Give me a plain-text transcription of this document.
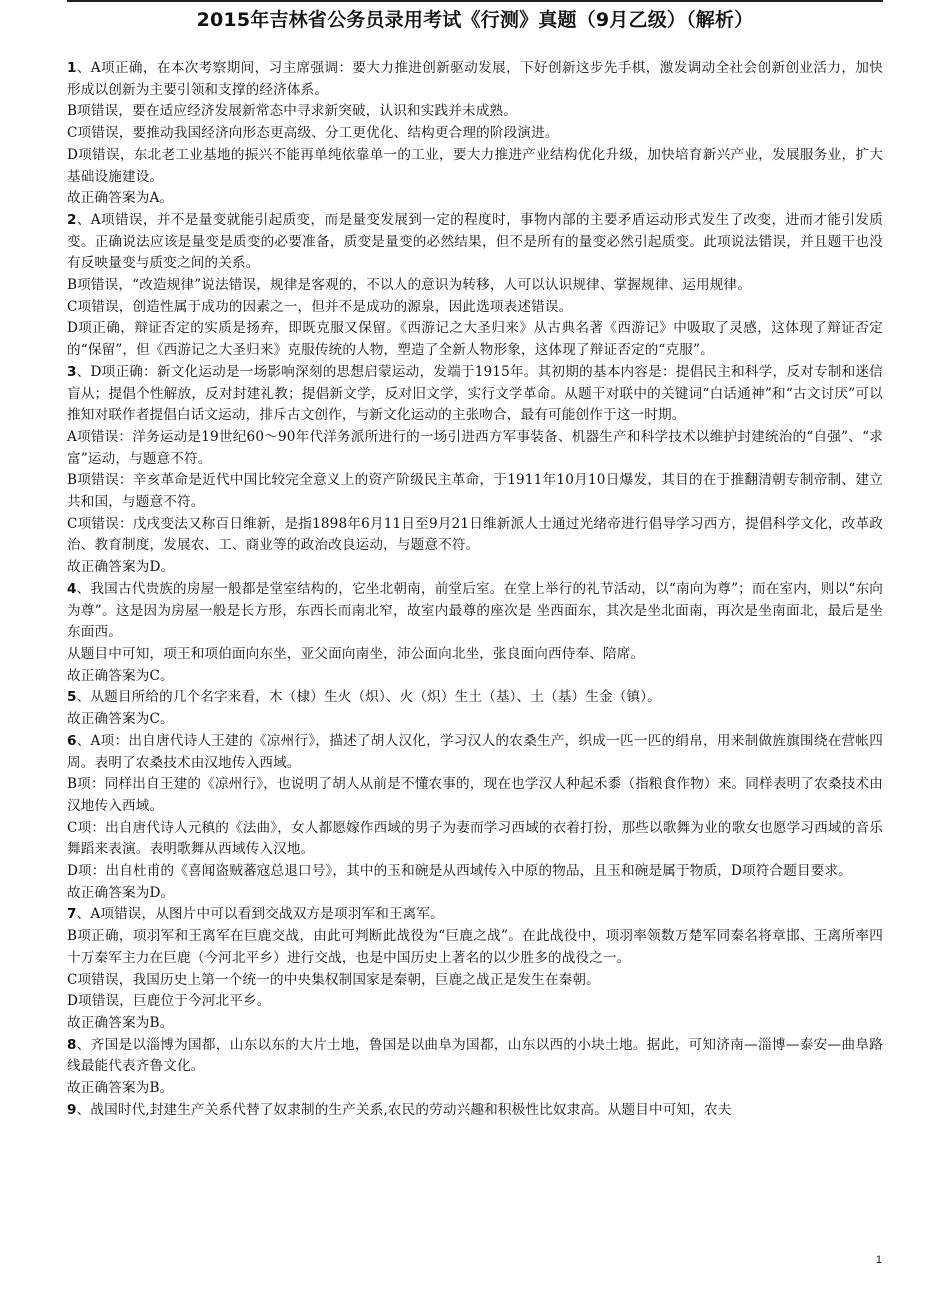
2015年吉林省公务员录用考试《行测》真题（9月乙级）（解析）

1、A项正确，在本次考察期间，习主席强调：要大力推进创新驱动发展，下好创新这步先手棋，激发调动全社会创新创业活力，加快形成以创新为主要引领和支撑的经济体系。

B项错误，要在适应经济发展新常态中寻求新突破，认识和实践并未成熟。

C项错误，要推动我国经济向形态更高级、分工更优化、结构更合理的阶段演进。

D项错误，东北老工业基地的振兴不能再单纯依靠单一的工业，要大力推进产业结构优化升级，加快培育新兴产业，发展服务业，扩大基础设施建设。

故正确答案为A。

2、A项错误，并不是量变就能引起质变，而是量变发展到一定的程度时，事物内部的主要矛盾运动形式发生了改变，进而才能引发质变。正确说法应该是量变是质变的必要准备，质变是量变的必然结果，但不是所有的量变必然引起质变。此项说法错误，并且题干也没有反映量变与质变之间的关系。

B项错误，“改造规律”说法错误，规律是客观的，不以人的意识为转移，人可以认识规律、掌握规律、运用规律。

C项错误，创造性属于成功的因素之一，但并不是成功的源泉，因此选项表述错误。

D项正确，辩证否定的实质是扬弃，即既克服又保留。《西游记之大圣归来》从古典名著《西游记》中吸取了灵感，这体现了辩证否定的“保留”，但《西游记之大圣归来》克服传统的人物，塑造了全新人物形象，这体现了辩证否定的“克服”。

3、D项正确：新文化运动是一场影响深刻的思想启蒙运动，发端于1915年。其初期的基本内容是：提倡民主和科学，反对专制和迷信盲从；提倡个性解放，反对封建礼教；提倡新文学，反对旧文学，实行文学革命。从题干对联中的关键词“白话通神”和“古文讨厌”可以推知对联作者提倡白话文运动，排斥古文创作，与新文化运动的主张吻合，最有可能创作于这一时期。

A项错误：洋务运动是19世纪60～90年代洋务派所进行的一场引进西方军事装备、机器生产和科学技术以维护封建统治的“自强”、“求富”运动，与题意不符。

B项错误：辛亥革命是近代中国比较完全意义上的资产阶级民主革命，于1911年10月10日爆发，其目的在于推翻清朝专制帝制、建立共和国，与题意不符。

C项错误：戊戌变法又称百日维新，是指1898年6月11日至9月21日维新派人士通过光绪帝进行倡导学习西方，提倡科学文化，改革政治、教育制度，发展农、工、商业等的政治改良运动，与题意不符。

故正确答案为D。

4、我国古代贵族的房屋一般都是堂室结构的，它坐北朝南，前堂后室。在堂上举行的礼节活动，以“南向为尊”；而在室内，则以“东向为尊”。这是因为房屋一般是长方形，东西长而南北窄，故室内最尊的座次是 坐西面东，其次是坐北面南，再次是坐南面北，最后是坐东面西。

从题目中可知，项王和项伯面向东坐，亚父面向南坐，沛公面向北坐，张良面向西侍奉、陪席。

故正确答案为C。

5、从题目所给的几个名字来看，木（棣）生火（炽）、火（炽）生土（基）、土（基）生金（镇）。

故正确答案为C。

6、A项：出自唐代诗人王建的《凉州行》，描述了胡人汉化，学习汉人的农桑生产，织成一匹一匹的绢帛，用来制做旌旗围绕在营帐四周。表明了农桑技术由汉地传入西域。

B项：同样出自王建的《凉州行》，也说明了胡人从前是不懂农事的，现在也学汉人种起禾黍（指粮食作物）来。同样表明了农桑技术由汉地传入西域。

C项：出自唐代诗人元稹的《法曲》，女人都愿嫁作西域的男子为妻而学习西域的衣着打扮，那些以歌舞为业的歌女也愿学习西域的音乐舞蹈来表演。表明歌舞从西域传入汉地。

D项：出自杜甫的《喜闻盗贼蕃寇总退口号》，其中的玉和碗是从西域传入中原的物品，且玉和碗是属于物质，D项符合题目要求。

故正确答案为D。

7、A项错误，从图片中可以看到交战双方是项羽军和王离军。

B项正确，项羽军和王离军在巨鹿交战，由此可判断此战役为“巨鹿之战”。在此战役中，项羽率领数万楚军同秦名将章邯、王离所率四十万秦军主力在巨鹿（今河北平乡）进行交战，也是中国历史上著名的以少胜多的战役之一。

C项错误，我国历史上第一个统一的中央集权制国家是秦朝，巨鹿之战正是发生在秦朝。

D项错误，巨鹿位于今河北平乡。

故正确答案为B。

8、齐国是以淄博为国都，山东以东的大片土地，鲁国是以曲阜为国都，山东以西的小块土地。据此，可知济南—淄博—泰安—曲阜路线最能代表齐鲁文化。

故正确答案为B。

9、战国时代,封建生产关系代替了奴隶制的生产关系,农民的劳动兴趣和积极性比奴隶高。从题目中可知，农夫

1
